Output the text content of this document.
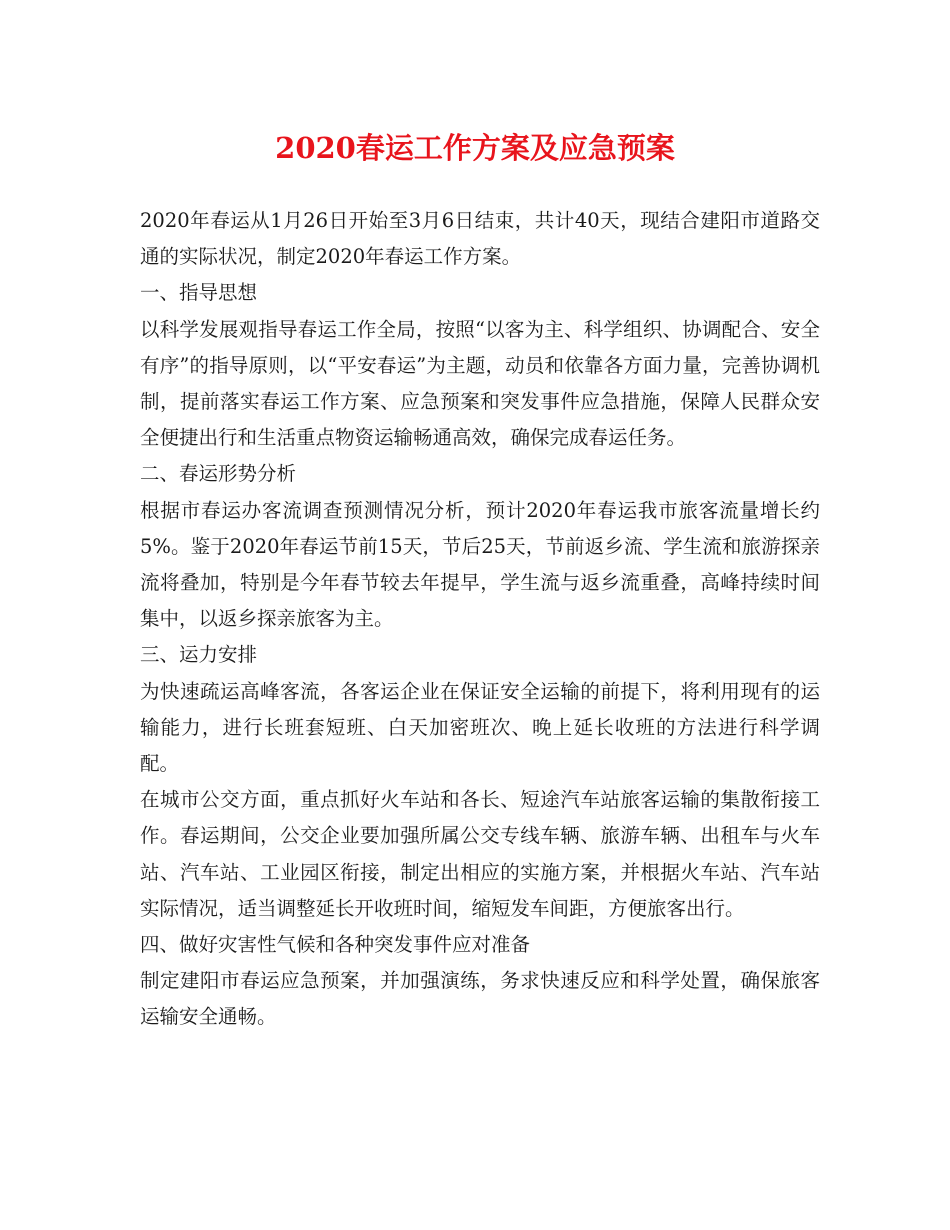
2020春运工作方案及应急预案

2020年春运从1月26日开始至3月6日结束，共计40天，现结合建阳市道路交通的实际状况，制定2020年春运工作方案。

一、指导思想

以科学发展观指导春运工作全局，按照“以客为主、科学组织、协调配合、安全有序”的指导原则，以“平安春运”为主题，动员和依靠各方面力量，完善协调机制，提前落实春运工作方案、应急预案和突发事件应急措施，保障人民群众安全便捷出行和生活重点物资运输畅通高效，确保完成春运任务。

二、春运形势分析

根据市春运办客流调查预测情况分析，预计2020年春运我市旅客流量增长约5%。鉴于2020年春运节前15天，节后25天，节前返乡流、学生流和旅游探亲流将叠加，特别是今年春节较去年提早，学生流与返乡流重叠，高峰持续时间集中，以返乡探亲旅客为主。

三、运力安排

为快速疏运高峰客流，各客运企业在保证安全运输的前提下，将利用现有的运输能力，进行长班套短班、白天加密班次、晚上延长收班的方法进行科学调配。

在城市公交方面，重点抓好火车站和各长、短途汽车站旅客运输的集散衔接工作。春运期间，公交企业要加强所属公交专线车辆、旅游车辆、出租车与火车站、汽车站、工业园区衔接，制定出相应的实施方案，并根据火车站、汽车站实际情况，适当调整延长开收班时间，缩短发车间距，方便旅客出行。

四、做好灾害性气候和各种突发事件应对准备

制定建阳市春运应急预案，并加强演练，务求快速反应和科学处置，确保旅客运输安全通畅。
